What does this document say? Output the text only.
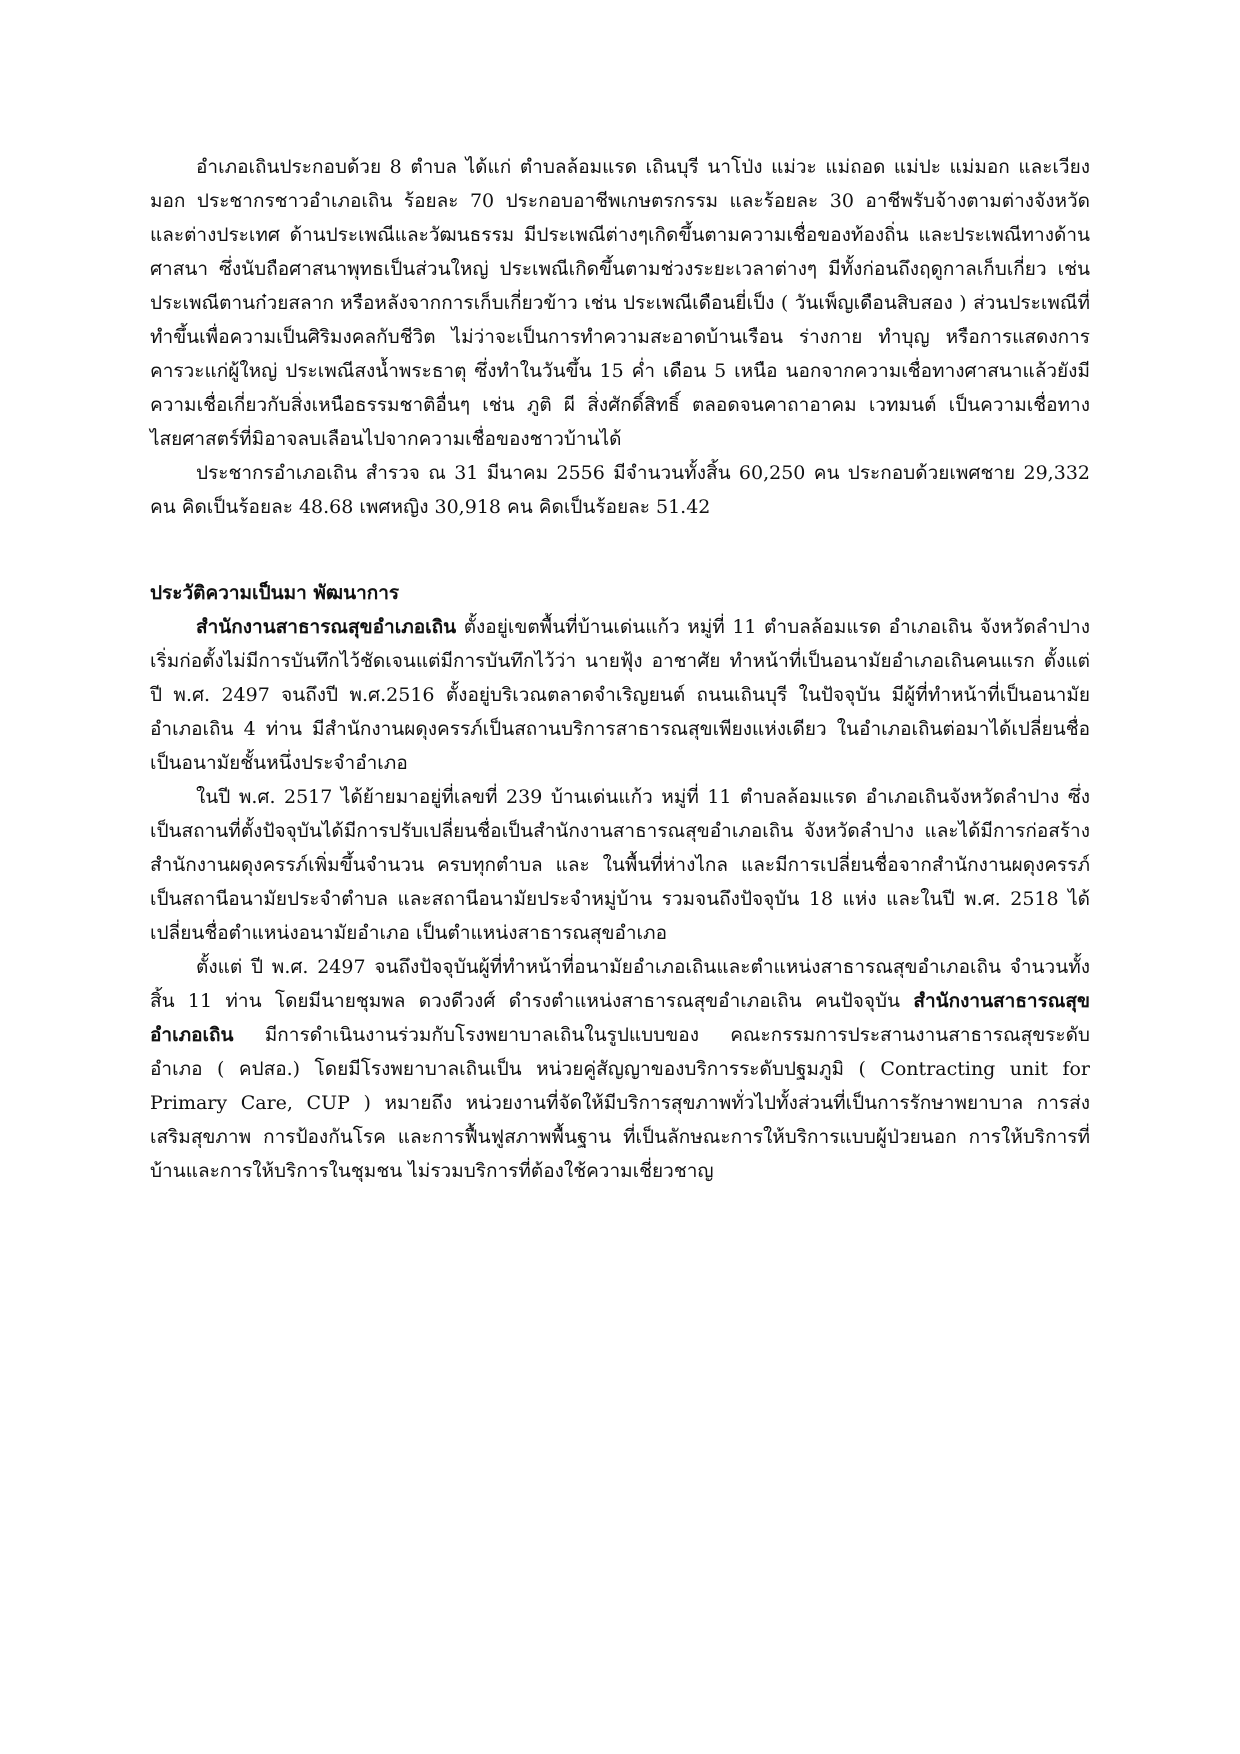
อำเภอเถินประกอบด้วย 8 ตำบล ได้แก่ ตำบลล้อมแรด เถินบุรี นาโป่ง แม่วะ แม่ถอด แม่ปะ แม่มอก และเวียงมอก ประชากรชาวอำเภอเถิน ร้อยละ 70 ประกอบอาชีพเกษตรกรรม และร้อยละ 30 อาชีพรับจ้างตามต่างจังหวัด และต่างประเทศ ด้านประเพณีและวัฒนธรรม มีประเพณีต่างๆเกิดขึ้นตามความเชื่อของท้องถิ่น และประเพณีทางด้านศาสนา ซึ่งนับถือศาสนาพุทธเป็นส่วนใหญ่ ประเพณีเกิดขึ้นตามช่วงระยะเวลาต่างๆ มีทั้งก่อนถึงฤดูกาลเก็บเกี่ยว เช่น ประเพณีตานก๋วยสลาก หรือหลังจากการเก็บเกี่ยวข้าว เช่น ประเพณีเดือนยี่เป็ง ( วันเพ็ญเดือนสิบสอง ) ส่วนประเพณีที่ทำขึ้นเพื่อความเป็นศิริมงคลกับชีวิต ไม่ว่าจะเป็นการทำความสะอาดบ้านเรือน ร่างกาย ทำบุญ หรือการแสดงการคารวะแก่ผู้ใหญ่ ประเพณีสงน้ำพระธาตุ ซึ่งทำในวันขึ้น 15 ค่ำ เดือน 5 เหนือ นอกจากความเชื่อทางศาสนาแล้วยังมีความเชื่อเกี่ยวกับสิ่งเหนือธรรมชาติอื่นๆ เช่น ภูติ ผี สิ่งศักดิ์สิทธิ์ ตลอดจนคาถาอาคม เวทมนต์ เป็นความเชื่อทางไสยศาสตร์ที่มิอาจลบเลือนไปจากความเชื่อของชาวบ้านได้

ประชากรอำเภอเถิน สำรวจ ณ 31 มีนาคม 2556 มีจำนวนทั้งสิ้น 60,250 คน ประกอบด้วยเพศชาย 29,332 คน คิดเป็นร้อยละ 48.68 เพศหญิง 30,918 คน คิดเป็นร้อยละ 51.42

ประวัติความเป็นมา พัฒนาการ

สำนักงานสาธารณสุขอำเภอเถิน ตั้งอยู่เขตพื้นที่บ้านเด่นแก้ว หมู่ที่ 11 ตำบลล้อมแรด อำเภอเถิน จังหวัดลำปาง เริ่มก่อตั้งไม่มีการบันทึกไว้ชัดเจนแต่มีการบันทึกไว้ว่า นายฟุ้ง อาชาศัย ทำหน้าที่เป็นอนามัยอำเภอเถินคนแรก ตั้งแต่ปี พ.ศ. 2497 จนถึงปี พ.ศ.2516 ตั้งอยู่บริเวณตลาดจำเริญยนต์ ถนนเถินบุรี ในปัจจุบัน มีผู้ที่ทำหน้าที่เป็นอนามัยอำเภอเถิน 4 ท่าน มีสำนักงานผดุงครรภ์เป็นสถานบริการสาธารณสุขเพียงแห่งเดียว ในอำเภอเถินต่อมาได้เปลี่ยนชื่อเป็นอนามัยชั้นหนึ่งประจำอำเภอ

ในปี พ.ศ. 2517 ได้ย้ายมาอยู่ที่เลขที่ 239 บ้านเด่นแก้ว หมู่ที่ 11 ตำบลล้อมแรด อำเภอเถินจังหวัดลำปาง ซึ่งเป็นสถานที่ตั้งปัจจุบันได้มีการปรับเปลี่ยนชื่อเป็นสำนักงานสาธารณสุขอำเภอเถิน จังหวัดลำปาง และได้มีการก่อสร้างสำนักงานผดุงครรภ์เพิ่มขึ้นจำนวน ครบทุกตำบล และ ในพื้นที่ห่างไกล และมีการเปลี่ยนชื่อจากสำนักงานผดุงครรภ์เป็นสถานีอนามัยประจำตำบล และสถานีอนามัยประจำหมู่บ้าน รวมจนถึงปัจจุบัน 18 แห่ง และในปี พ.ศ. 2518 ได้เปลี่ยนชื่อตำแหน่งอนามัยอำเภอ เป็นตำแหน่งสาธารณสุขอำเภอ

ตั้งแต่ ปี พ.ศ. 2497 จนถึงปัจจุบันผู้ที่ทำหน้าที่อนามัยอำเภอเถินและตำแหน่งสาธารณสุขอำเภอเถิน จำนวนทั้งสิ้น 11 ท่าน โดยมีนายชุมพล ดวงดีวงศ์ ดำรงตำแหน่งสาธารณสุขอำเภอเถิน คนปัจจุบัน สำนักงานสาธารณสุขอำเภอเถิน มีการดำเนินงานร่วมกับโรงพยาบาลเถินในรูปแบบของ คณะกรรมการประสานงานสาธารณสุขระดับอำเภอ ( คปสอ.) โดยมีโรงพยาบาลเถินเป็น หน่วยคู่สัญญาของบริการระดับปฐมภูมิ ( Contracting unit for Primary Care, CUP ) หมายถึง หน่วยงานที่จัดให้มีบริการสุขภาพทั่วไปทั้งส่วนที่เป็นการรักษาพยาบาล การส่งเสริมสุขภาพ การป้องกันโรค และการฟื้นฟูสภาพพื้นฐาน ที่เป็นลักษณะการให้บริการแบบผู้ป่วยนอก การให้บริการที่บ้านและการให้บริการในชุมชน ไม่รวมบริการที่ต้องใช้ความเชี่ยวชาญ
